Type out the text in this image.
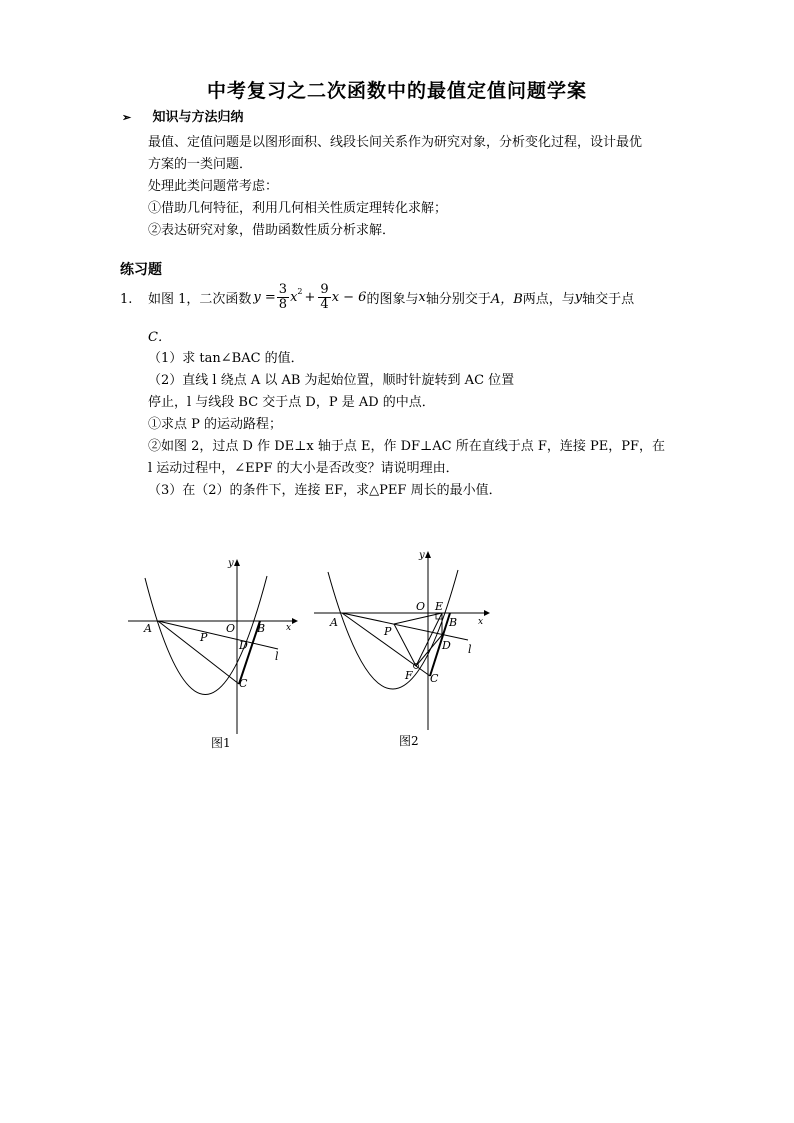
中考复习之二次函数中的最值定值问题学案
➢ 知识与方法归纳
最值、定值问题是以图形面积、线段长间关系作为研究对象，分析变化过程，设计最优
方案的一类问题．
处理此类问题常考虑：
①借助几何特征，利用几何相关性质定理转化求解；
②表达研究对象，借助函数性质分析求解．
练习题
1. 如图 1，二次函数 $y = \frac{3}{8} x^2 + \frac{9}{4}$ x − 6 的图象与 x 轴分别交于 A，B 两点，与 y 轴交于点
C．
（1）求 tan∠BAC 的值．
（2）直线 l 绕点 A 以 AB 为起始位置，顺时针旋转到 AC 位置
停止，l 与线段 BC 交于点 D，P 是 AD 的中点．
①求点 P 的运动路程；
②如图 2，过点 D 作 DE⊥x 轴于点 E，作 DF⊥AC 所在直线于点 F，连接 PE，PF，在
l 运动过程中，∠EPF 的大小是否改变？请说明理由．
（3）在（2）的条件下，连接 EF，求△PEF 周长的最小值．
A
P
O B
D
C
l
x
y
图1
A
P
O E
B
D
F C
l
x
y
图2
